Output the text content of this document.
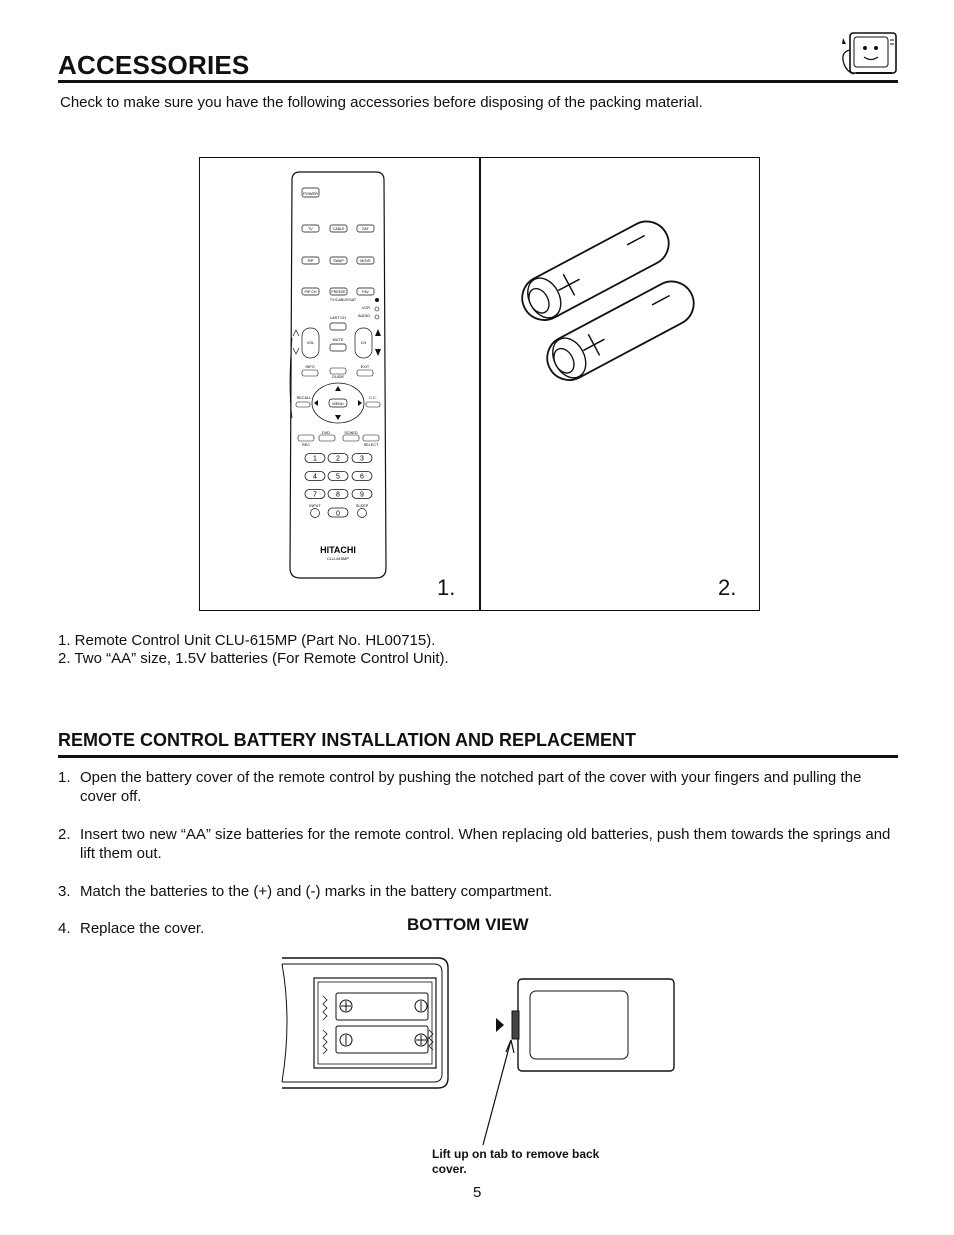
ACCESSORIES
Check to make sure you have the following accessories before disposing of the packing material.
POWER
TV	CABLE	SAT
PIP	SWAP	MOVE
PIP CH	FREEZE	FAV
TV/CABLE/SAT
VCR
AUDIO
LAST CH
VOL	CH
MUTE
INFO	EXIT
GUIDE
MENU
RECALL	C.C.
DVD	SCHED
REC	SELECT
1	2	3
4	5	6
7	8	9
INPUT	SLEEP
0
HITACHI
CLU-615MP
1.	2.
1. Remote Control Unit CLU-615MP (Part No. HL00715).
2. Two “AA” size, 1.5V batteries (For Remote Control Unit).
REMOTE CONTROL BATTERY INSTALLATION AND REPLACEMENT
1. Open the battery cover of the remote control by pushing the notched part of the cover with your fingers and pulling the cover off.
2. Insert two new “AA” size batteries for the remote control. When replacing old batteries, push them towards the springs and lift them out.
3. Match the batteries to the (+) and (-) marks in the battery compartment.
4. Replace the cover.	BOTTOM VIEW
Lift up on tab to remove back cover.
5
